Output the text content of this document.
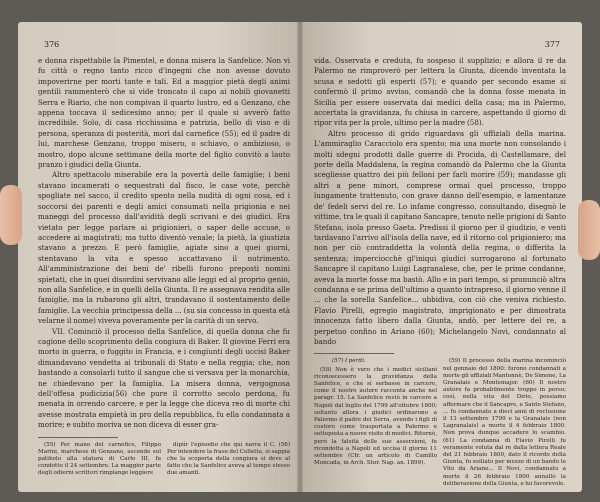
376

e donna rispettabile la Pimentel, e donna misera la Sanfelice. Non vi fu città o regno tanto ricco d'ingegni che non avesse dovuto impoverirne per morti tante e tali. Ed a maggior pietà degli animi gentili rammenterò che si vide troncato il capo ai nobili giovanetti Serra e Riario, che non compivan il quarto lustro, ed a Genzano, che appena toccava il sedicesimo anno; per il quale si avverò fatto incredibile. Solo, di casa ricchissima e patrizia, bello di viso e di persona, speranza di posterità, morì dal carnefice (55); ed il padre di lui, marchese Genzano, troppo misero, o schiavo, o ambizioso, o mostro, dopo alcune settimane della morte del figlio convitò a lauto pranzo i giudici della Giunta.

Altro spettacolo miserabile era la povertà delle famiglie; i beni stavano incamerati o sequestrati dal fisco, le case vote, perchè spogliate nel sacco, il credito spento nella nudità di ogni cosa, ed i soccorsi dei parenti e degli amici consumati nella prigionia e nei maneggi del processo dall'avidità degli scrivani e dei giudici. Era vietato per legge parlare ai prigionieri, o saper delle accuse, o accedere ai magistrati; ma tutto diventò venale; la pietà, la giustizia stavano a prezzo. E però famiglie, agiate sino a quei giorni, stentavano la vita e spesso accattavano il nutrimento. All'amministrazione dei beni de' ribelli furono preposti nomini spietati, che in quei disordini servivano alle leggi ed al proprio genio, non alla Sanfelice, e in quelli della Giunta. Il re assegnava rendita alle famiglie, ma la rubarono gli altri, trandavano il sostentamento delle famiglie. La vecchia principessa della ... (su sia concesso in questa età velarne il nome) viveva poveramente per la carità di un servo.

VII. Cominciò il processo della Sanfelice, di quella donna che fu cagione dello scoprimento della congiura di Baker. Il giovine Ferri era morto in guerra, o fuggito in Francia, e i congiunti degli uccisi Baker dimandavano vendetta ai tribunali di Stato e nella reggia; che, non bastando a consolarli tutto il sangue che si versava per la monarchia, ne chiedevano per la famiglia. La misera donna, vergognosa dell'offesa pudicizia(56) che pure il corrotto secolo perdona, fu menata in orrendo carcere, e per la legge che diceva reo di morte chi avesse mostrata empietà in pro della repubblica, fu ella condannata a morire; e subito moriva se non diceva di esser gra-

(55) Per mano del carnefice, Filippo Marini, marchese di Genzano, ascende sul patibolo alla statura di Carlo III, fu condotto il 24 settembre. La maggior parte degli odierni scrittori rimpiange leggiere

dipiìr l'episodio che qui narra il C. (56) Per intendere la frase del Colletta, si sappia che la scoperta della congiura si deve al fatto che la Sanfelice aveva al tempo stesso due amanti.

377

vida. Osservata e creduta, fu sospeso il supplizio; e allora il re da Palermo ne rimproverò per lettera la Giunta, dicendo inventata la scusa e sedotti gli esperti (57); e quando per secondo esame si confermò il primo avviso, comandò che la donna fosse menata in Sicilia per essere osservata dai medici della casa; ma in Palermo, accertata la gravidanza, fu chiusa in carcere, aspettando il giorno di ripor vita per la prole, ultimo per la madre (58).

Altro processo di grido riguardava gli uffiziali della marina. L'ammiraglio Caracciolo era spento; ma una morte non consolando i molti sdegni prodotti dalle guerre di Procida, di Castellamare, del porte della Maddalena, la regina comandò da Palermo che la Giunta scegliesse quattro dei più felloni per farli morire (59); mandasse gli altri a pene minori, comprese ormai quel processo, troppo lungamente trattenuto, con grave danno dell'esempio, e lamentanze de' fedeli servi del re. Lo infame congresso, consultando, disegnò le vittime, tra le quali il capitano Sancapre, tenuto nelle prigioni di Santo Stefano, isola presso Gaeta. Predissi il giorno per il giudizio, e venti tardavano l'arrivo all'isola della nave, ed il ritorno col prigioniero; ma non per ciò contraddetta la volontà della regina, o differita la sentenza; imperciocchè gl'iniqui giudici surrogarono al fortunato Sancapre il capitano Luigi Lagranalese, che, per le prime condanne, aveva la morte fosse ma bastò. Allo e in pari tempo, si pronunciò altra condanna e se prima dell'ultimo a quanto intrapreso, il giorno venne il ... che la sorella Sanfelice... ubbidiva, con ciò che veniva richiesto. Flavio Pirelli, egregio magistrato, imprigionato e per dimostrata innocenza fatto libero dalla Giunta, andò, per lettere del re, a perpetuo confino in Ariano (60); Michelangelo Novi, condannato al bando

(57) I periti.

(58) Non è vero che i medici siciliani riconoscessero la gravidanza della Sanfelice, e che si serbasse in carcere, come il nostro autore racconta anche nel paragr. 15. La Sanfelice restò in carcere a Napoli dal luglio del 1799 all'ottobre 1800; soltanto allora i giudici ordinarono a Palermo il padre dei Serra, avendo i figli di costoro come trasportata a Palermo e sottoposta a nuove visite di medici. Ritornò, però la falsità delle sue asserzioni, fu ricondotta a Napoli ed uccisa il giorno 11 settembre (Cfr. un articolo di Camillo Moncada, in Arch. Stor. Nap. an. 1899).

(59) Il processo della marina incominciò nel gennaio del 1800: furono condannati a morte gli uffiziali Mantonnè, De Simone, La Granalais e Montemajor. (60) Il nostro autore fa probabilmente troppo in perso; così, nella vita del Dirio, possiamo affermare che il Sancapre, e Santo Stefano, ... fu condannato a dieci anni di reclusione il 13 settembre 1799 e la Granalais (non Lagranalais) a morte il 4 febbraio 1800. Non prova dunque accadere lo scambio. (61) La condanna di Flavio Pirelli fu veramente voluta dal re dalla lettera Reale del 21 febbraio 1800, dato il ricordo della Giunta, fu esiliato per mezzo di un bando le Vito da Ariano... Il Novi, condannato a morte il 26 febbraio 1800 annullò la deliberazione della Giunta, e lui favorevole.
